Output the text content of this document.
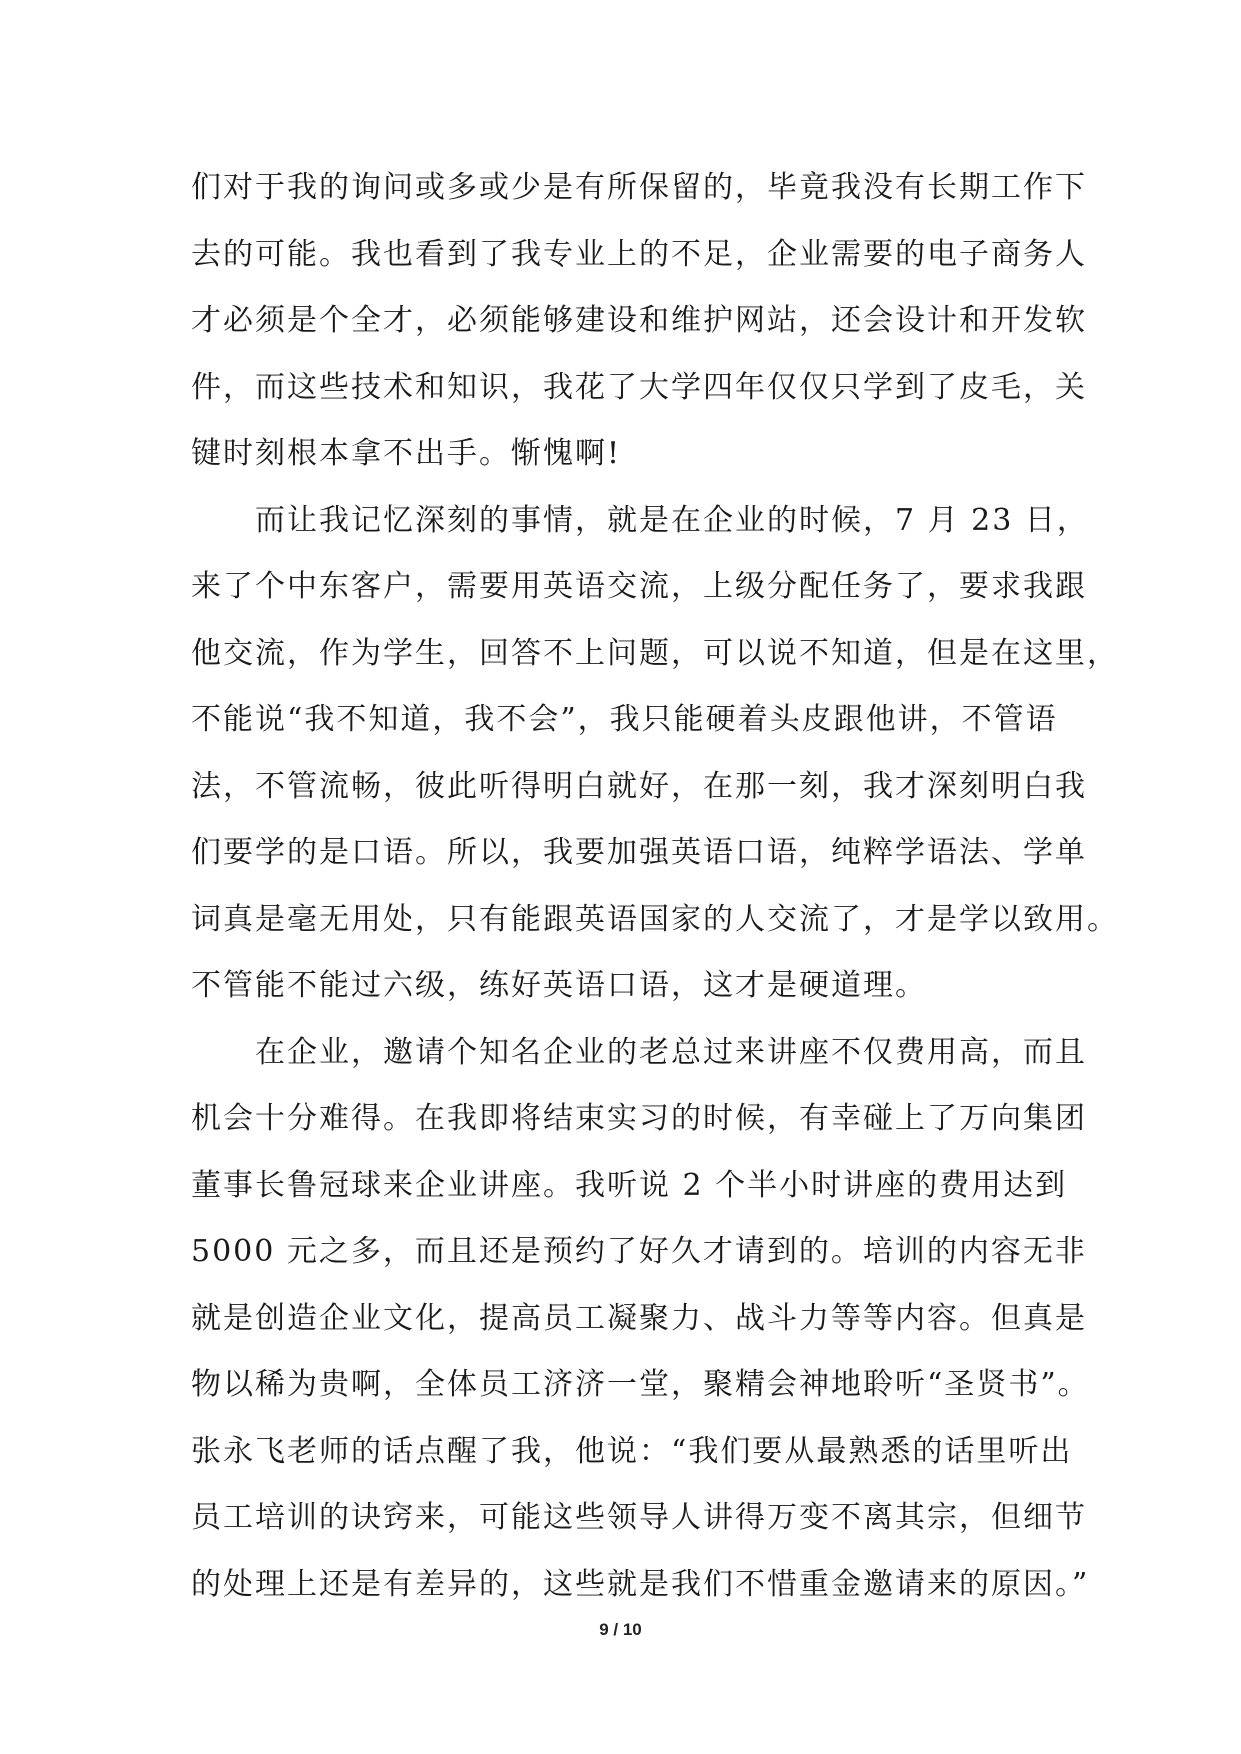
们对于我的询问或多或少是有所保留的，毕竟我没有长期工作下
去的可能。我也看到了我专业上的不足，企业需要的电子商务人
才必须是个全才，必须能够建设和维护网站，还会设计和开发软
件，而这些技术和知识，我花了大学四年仅仅只学到了皮毛，关
键时刻根本拿不出手。惭愧啊!
　　而让我记忆深刻的事情，就是在企业的时候，7 月 23 日，
来了个中东客户，需要用英语交流，上级分配任务了，要求我跟
他交流，作为学生，回答不上问题，可以说不知道，但是在这里，
不能说“我不知道，我不会”，我只能硬着头皮跟他讲，不管语
法，不管流畅，彼此听得明白就好，在那一刻，我才深刻明白我
们要学的是口语。所以，我要加强英语口语，纯粹学语法、学单
词真是毫无用处，只有能跟英语国家的人交流了，才是学以致用。
不管能不能过六级，练好英语口语，这才是硬道理。
　　在企业，邀请个知名企业的老总过来讲座不仅费用高，而且
机会十分难得。在我即将结束实习的时候，有幸碰上了万向集团
董事长鲁冠球来企业讲座。我听说 2 个半小时讲座的费用达到
5000 元之多，而且还是预约了好久才请到的。培训的内容无非
就是创造企业文化，提高员工凝聚力、战斗力等等内容。但真是
物以稀为贵啊，全体员工济济一堂，聚精会神地聆听“圣贤书”。
张永飞老师的话点醒了我，他说：“我们要从最熟悉的话里听出
员工培训的诀窍来，可能这些领导人讲得万变不离其宗，但细节
的处理上还是有差异的，这些就是我们不惜重金邀请来的原因。”
9 / 10
